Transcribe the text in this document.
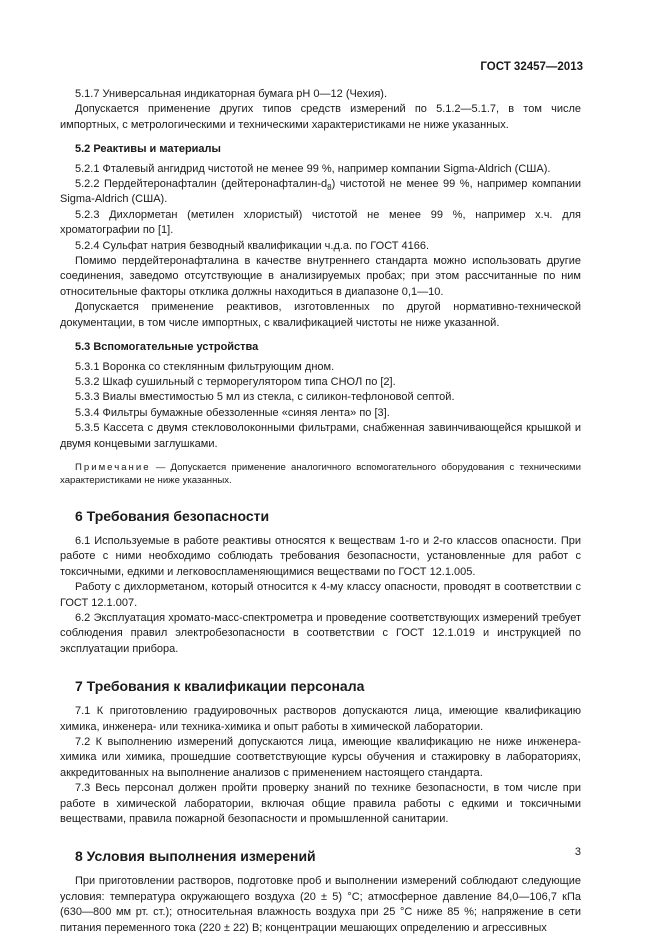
ГОСТ 32457—2013

5.1.7 Универсальная индикаторная бумага pH 0—12 (Чехия).

Допускается применение других типов средств измерений по 5.1.2—5.1.7, в том числе импортных, с метрологическими и техническими характеристиками не ниже указанных.

5.2 Реактивы и материалы

5.2.1 Фталевый ангидрид чистотой не менее 99 %, например компании Sigma-Aldrich (США).

5.2.2 Пердейтеронафталин $(дейтеронафталин-d_8)$ чистотой не менее 99 %, например компании Sigma-Aldrich (США).

5.2.3 Дихлорметан (метилен хлористый) чистотой не менее 99 %, например х.ч. для хроматографии по [1].

5.2.4 Сульфат натрия безводный квалификации ч.д.а. по ГОСТ 4166.

Помимо пердейтеронафталина в качестве внутреннего стандарта можно использовать другие соединения, заведомо отсутствующие в анализируемых пробах; при этом рассчитанные по ним относительные факторы отклика должны находиться в диапазоне 0,1—10.

Допускается применение реактивов, изготовленных по другой нормативно-технической документации, в том числе импортных, с квалификацией чистоты не ниже указанной.

5.3 Вспомогательные устройства

5.3.1 Воронка со стеклянным фильтрующим дном.

5.3.2 Шкаф сушильный с терморегулятором типа СНОЛ по [2].

5.3.3 Виалы вместимостью 5 мл из стекла, с силикон-тефлоновой септой.

5.3.4 Фильтры бумажные обеззоленные «синяя лента» по [3].

5.3.5 Кассета с двумя стекловолоконными фильтрами, снабженная завинчивающейся крышкой и двумя концевыми заглушками.

Примечание — Допускается применение аналогичного вспомогательного оборудования с техническими характеристиками не ниже указанных.

6 Требования безопасности

6.1 Используемые в работе реактивы относятся к веществам 1-го и 2-го классов опасности. При работе с ними необходимо соблюдать требования безопасности, установленные для работ с токсичными, едкими и легковоспламеняющимися веществами по ГОСТ 12.1.005.

Работу с дихлорметаном, который относится к 4-му классу опасности, проводят в соответствии с ГОСТ 12.1.007.

6.2 Эксплуатация хромато-масс-спектрометра и проведение соответствующих измерений требует соблюдения правил электробезопасности в соответствии с ГОСТ 12.1.019 и инструкцией по эксплуатации прибора.

7 Требования к квалификации персонала

7.1 К приготовлению градуировочных растворов допускаются лица, имеющие квалификацию химика, инженера- или техника-химика и опыт работы в химической лаборатории.

7.2 К выполнению измерений допускаются лица, имеющие квалификацию не ниже инженера-химика или химика, прошедшие соответствующие курсы обучения и стажировку в лабораториях, аккредитованных на выполнение анализов с применением настоящего стандарта.

7.3 Весь персонал должен пройти проверку знаний по технике безопасности, в том числе при работе в химической лаборатории, включая общие правила работы с едкими и токсичными веществами, правила пожарной безопасности и промышленной санитарии.

8 Условия выполнения измерений

При приготовлении растворов, подготовке проб и выполнении измерений соблюдают следующие условия: температура окружающего воздуха (20 ± 5) °С; атмосферное давление 84,0—106,7 кПа (630—800 мм рт. ст.); относительная влажность воздуха при 25 °С ниже 85 %; напряжение в сети питания переменного тока (220 ± 22) В; концентрации мешающих определению и агрессивных

3
